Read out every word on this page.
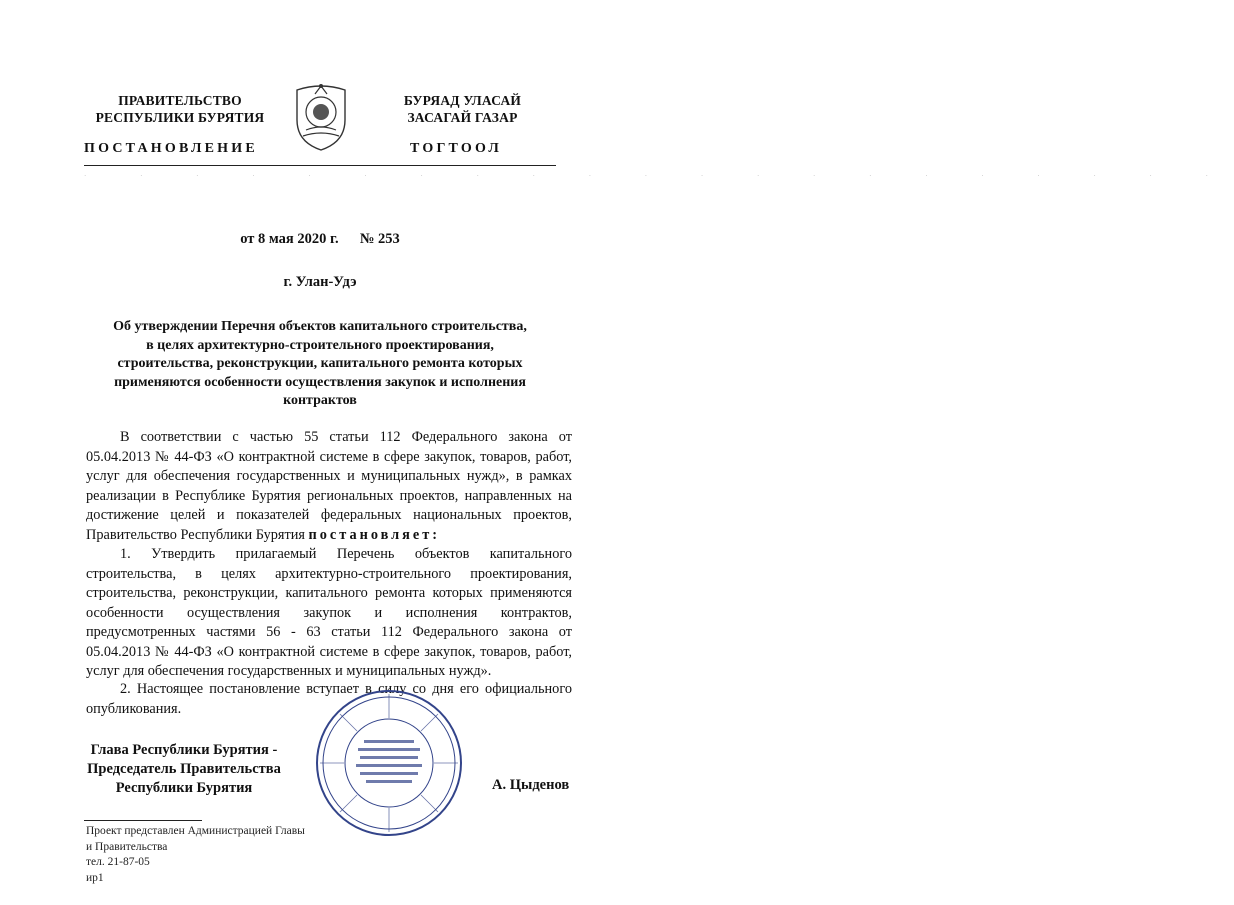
ПРАВИТЕЛЬСТВО
РЕСПУБЛИКИ БУРЯТИЯ
БУРЯАД УЛАСАЙ
ЗАСАГАЙ ГАЗАР
ПОСТАНОВЛЕНИЕ	ТОГТООЛ
· · · · · · · · · · · · · · · · · · · · ·
от 8 мая 2020 г. № 253
г. Улан-Удэ
Об утверждении Перечня объектов капитального строительства, в целях архитектурно-строительного проектирования, строительства, реконструкции, капитального ремонта которых применяются особенности осуществления закупок и исполнения контрактов
В соответствии с частью 55 статьи 112 Федерального закона от 05.04.2013 № 44-ФЗ «О контрактной системе в сфере закупок, товаров, работ, услуг для обеспечения государственных и муниципальных нужд», в рамках реализации в Республике Бурятия региональных проектов, направленных на достижение целей и показателей федеральных национальных проектов, Правительство Республики Бурятия постановляет:
1. Утвердить прилагаемый Перечень объектов капитального строительства, в целях архитектурно-строительного проектирования, строительства, реконструкции, капитального ремонта которых применяются особенности осуществления закупок и исполнения контрактов, предусмотренных частями 56 - 63 статьи 112 Федерального закона от 05.04.2013 № 44-ФЗ «О контрактной системе в сфере закупок, товаров, работ, услуг для обеспечения государственных и муниципальных нужд».
2. Настоящее постановление вступает в силу со дня его официального опубликования.
Глава Республики Бурятия -
Председатель Правительства
Республики Бурятия	А. Цыденов
Проект представлен Администрацией Главы
и Правительства
тел. 21-87-05
ир1
